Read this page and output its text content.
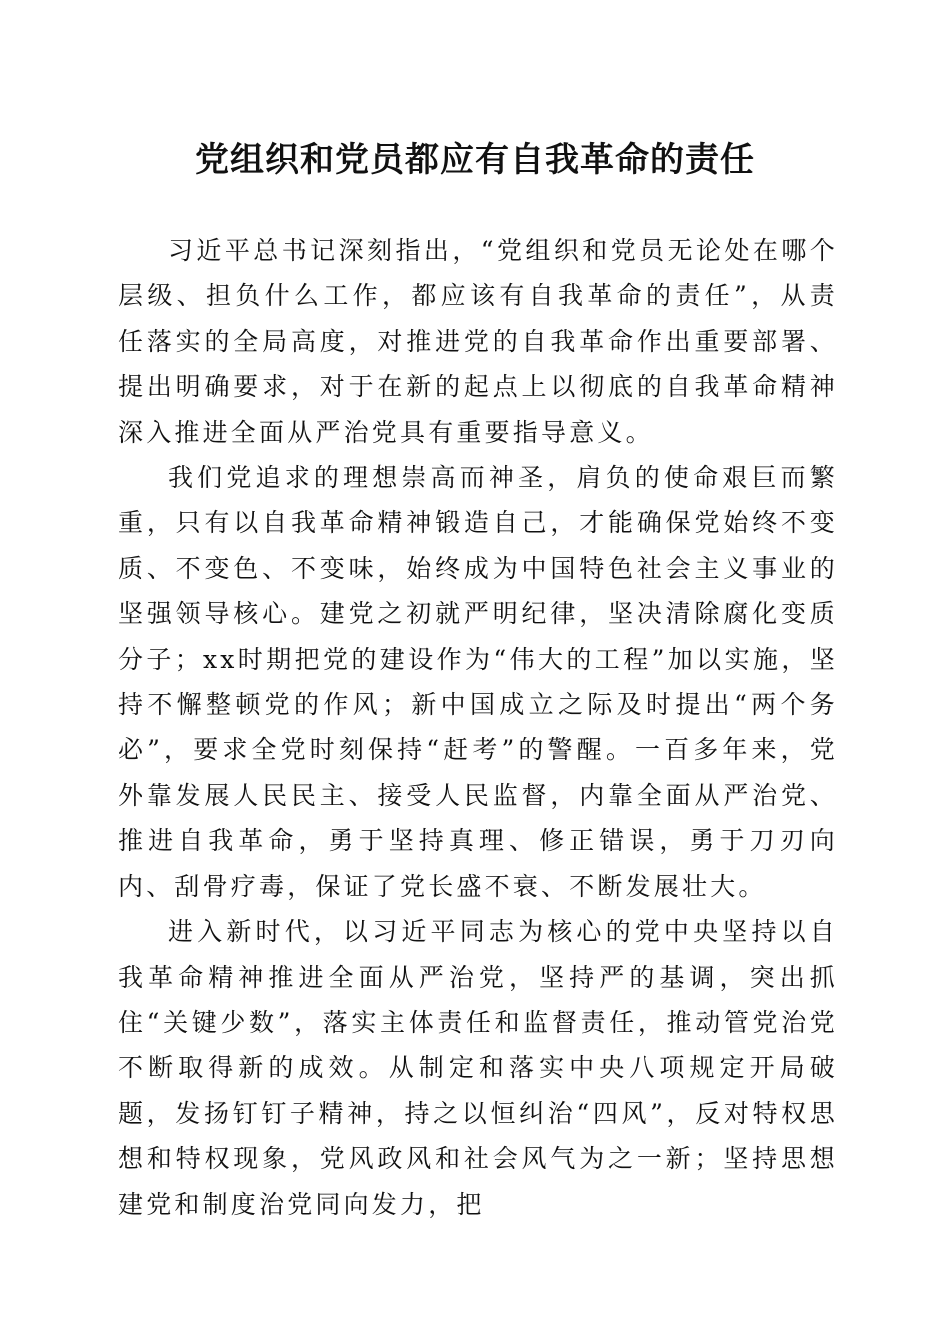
党组织和党员都应有自我革命的责任

习近平总书记深刻指出，“党组织和党员无论处在哪个层级、担负什么工作，都应该有自我革命的责任”，从责任落实的全局高度，对推进党的自我革命作出重要部署、提出明确要求，对于在新的起点上以彻底的自我革命精神深入推进全面从严治党具有重要指导意义。

我们党追求的理想崇高而神圣，肩负的使命艰巨而繁重，只有以自我革命精神锻造自己，才能确保党始终不变质、不变色、不变味，始终成为中国特色社会主义事业的坚强领导核心。建党之初就严明纪律，坚决清除腐化变质分子；xx时期把党的建设作为“伟大的工程”加以实施，坚持不懈整顿党的作风；新中国成立之际及时提出“两个务必”，要求全党时刻保持“赶考”的警醒。一百多年来，党外靠发展人民民主、接受人民监督，内靠全面从严治党、推进自我革命，勇于坚持真理、修正错误，勇于刀刃向内、刮骨疗毒，保证了党长盛不衰、不断发展壮大。

进入新时代，以习近平同志为核心的党中央坚持以自我革命精神推进全面从严治党，坚持严的基调，突出抓住“关键少数”，落实主体责任和监督责任，推动管党治党不断取得新的成效。从制定和落实中央八项规定开局破题，发扬钉钉子精神，持之以恒纠治“四风”，反对特权思想和特权现象，党风政风和社会风气为之一新；坚持思想建党和制度治党同向发力，把
